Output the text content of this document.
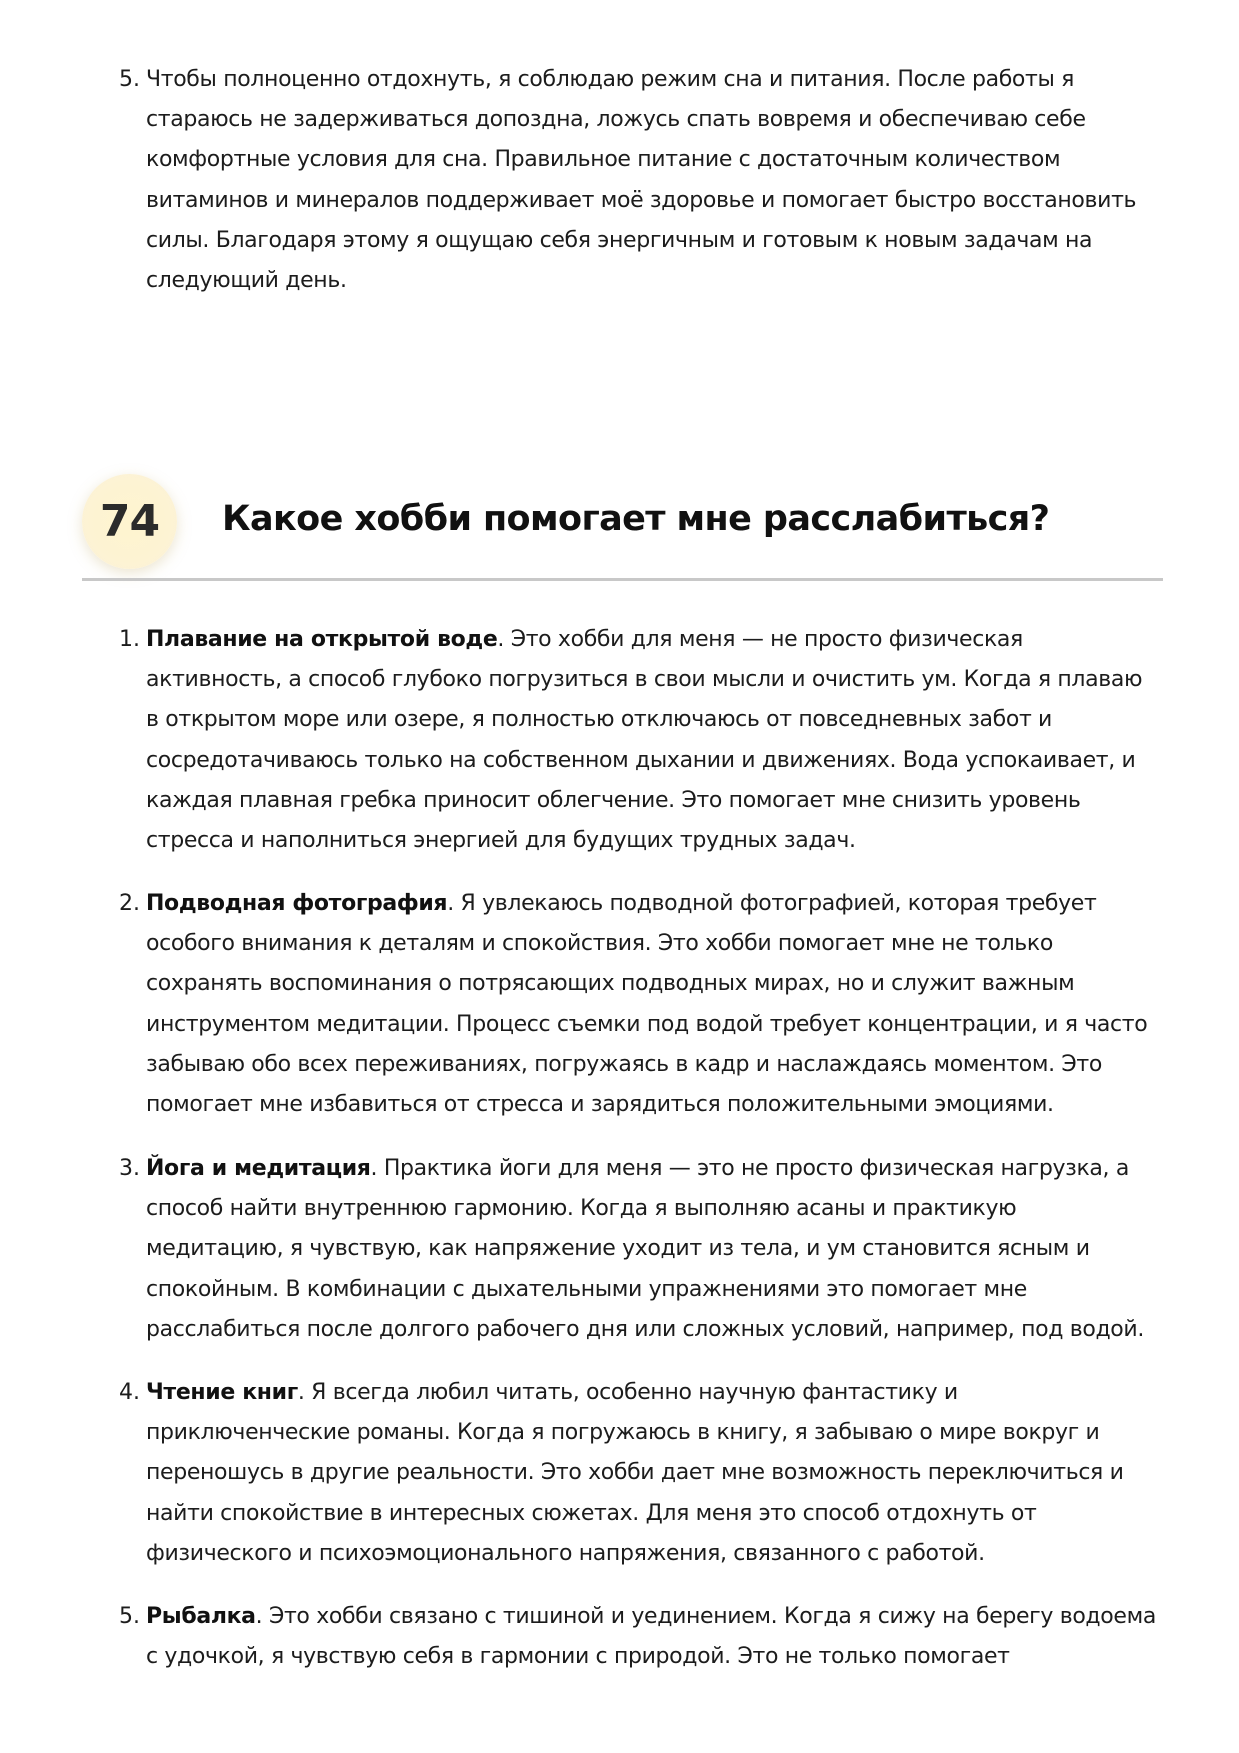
5. Чтобы полноценно отдохнуть, я соблюдаю режим сна и питания. После работы я стараюсь не задерживаться допоздна, ложусь спать вовремя и обеспечиваю себе комфортные условия для сна. Правильное питание с достаточным количеством витаминов и минералов поддерживает моё здоровье и помогает быстро восстановить силы. Благодаря этому я ощущаю себя энергичным и готовым к новым задачам на следующий день.

74	Какое хобби помогает мне расслабиться?
1. Плавание на открытой воде. Это хобби для меня — не просто физическая активность, а способ глубоко погрузиться в свои мысли и очистить ум. Когда я плаваю в открытом море или озере, я полностью отключаюсь от повседневных забот и сосредотачиваюсь только на собственном дыхании и движениях. Вода успокаивает, и каждая плавная гребка приносит облегчение. Это помогает мне снизить уровень стресса и наполниться энергией для будущих трудных задач.

2. Подводная фотография. Я увлекаюсь подводной фотографией, которая требует особого внимания к деталям и спокойствия. Это хобби помогает мне не только сохранять воспоминания о потрясающих подводных мирах, но и служит важным инструментом медитации. Процесс съемки под водой требует концентрации, и я часто забываю обо всех переживаниях, погружаясь в кадр и наслаждаясь моментом. Это помогает мне избавиться от стресса и зарядиться положительными эмоциями.

3. Йога и медитация. Практика йоги для меня — это не просто физическая нагрузка, а способ найти внутреннюю гармонию. Когда я выполняю асаны и практикую медитацию, я чувствую, как напряжение уходит из тела, и ум становится ясным и спокойным. В комбинации с дыхательными упражнениями это помогает мне расслабиться после долгого рабочего дня или сложных условий, например, под водой.

4. Чтение книг. Я всегда любил читать, особенно научную фантастику и приключенческие романы. Когда я погружаюсь в книгу, я забываю о мире вокруг и переношусь в другие реальности. Это хобби дает мне возможность переключиться и найти спокойствие в интересных сюжетах. Для меня это способ отдохнуть от физического и психоэмоционального напряжения, связанного с работой.

5. Рыбалка. Это хобби связано с тишиной и уединением. Когда я сижу на берегу водоема с удочкой, я чувствую себя в гармонии с природой. Это не только помогает
